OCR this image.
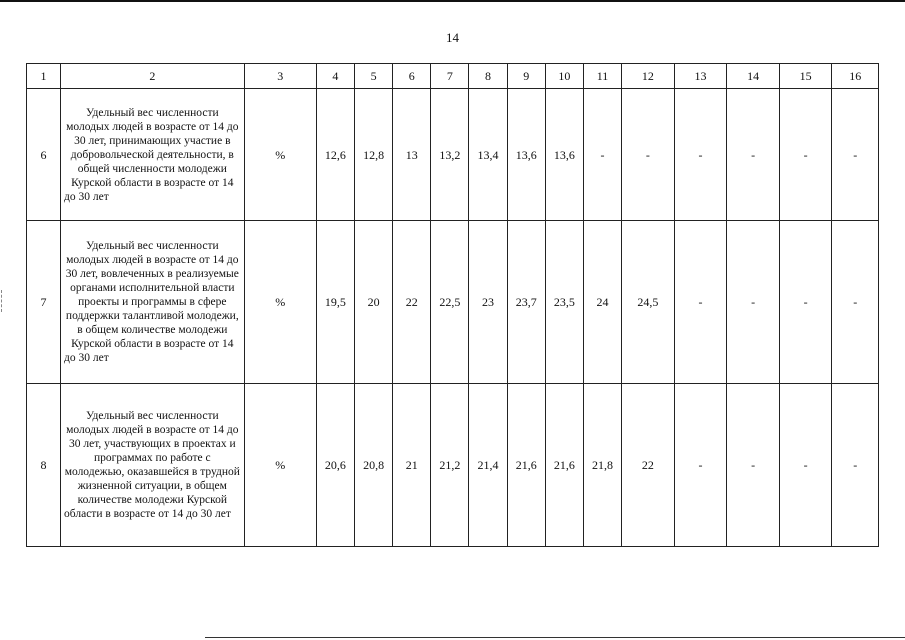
14
1	2	3	4	5	6	7	8	9	10	11	12	13	14	15	16
6	Удельный вес численности молодых людей в возрасте от 14 до 30 лет, принимающих участие в добровольческой деятельности, в общей численности молодежи Курской области в возрасте от 14 до 30 лет	%	12,6	12,8	13	13,2	13,4	13,6	13,6	-	-	-	-	-	-
7	Удельный вес численности молодых людей в возрасте от 14 до 30 лет, вовлеченных в реализуемые органами исполнительной власти проекты и программы в сфере поддержки талантливой молодежи, в общем количестве молодежи Курской области в возрасте от 14 до 30 лет	%	19,5	20	22	22,5	23	23,7	23,5	24	24,5	-	-	-	-
8	Удельный вес численности молодых людей в возрасте от 14 до 30 лет, участвующих в проектах и программах по работе с молодежью, оказавшейся в трудной жизненной ситуации, в общем количестве молодежи Курской области в возрасте от 14 до 30 лет	%	20,6	20,8	21	21,2	21,4	21,6	21,6	21,8	22	-	-	-	-
